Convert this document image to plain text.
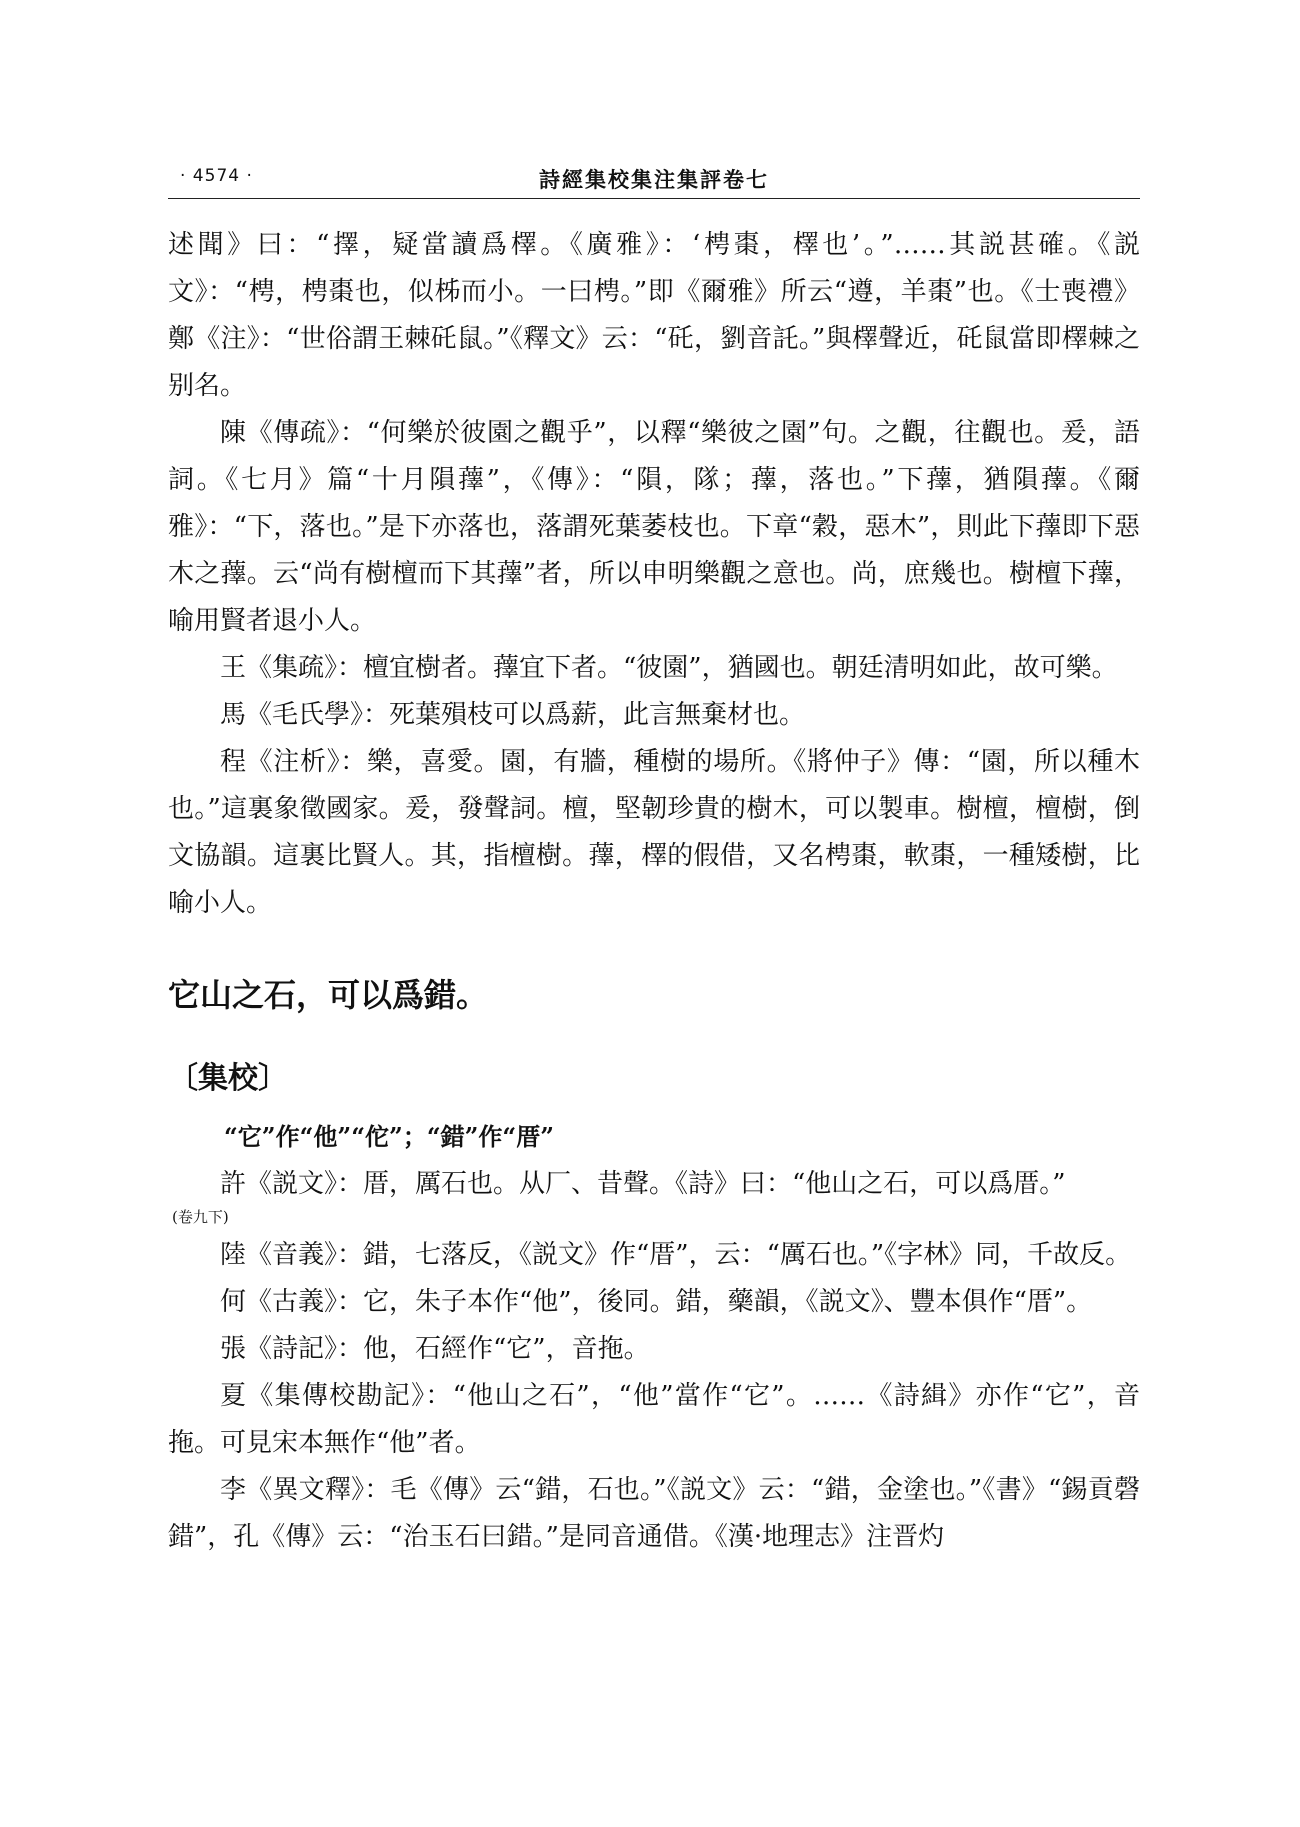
· 4574 ·	詩經集校集注集評卷七

述聞》曰：“擇，疑當讀爲檡。《廣雅》：‘梬棗，檡也’。”……其説甚確。《説文》：“梬，梬棗也，似柹而小。一曰梬。”即《爾雅》所云“遵，羊棗”也。《士喪禮》鄭《注》：“世俗謂王棘矺鼠。”《釋文》云：“矺，劉音託。”與檡聲近，矺鼠當即檡棘之别名。

陳《傳疏》：“何樂於彼園之觀乎”，以釋“樂彼之園”句。之觀，往觀也。爰，語詞。《七月》篇“十月隕蘀”，《傳》：“隕，隊；蘀，落也。”下蘀，猶隕蘀。《爾雅》：“下，落也。”是下亦落也，落謂死葉萎枝也。下章“穀，惡木”，則此下蘀即下惡木之蘀。云“尚有樹檀而下其蘀”者，所以申明樂觀之意也。尚，庶幾也。樹檀下蘀，喻用賢者退小人。

王《集疏》：檀宜樹者。蘀宜下者。“彼園”，猶國也。朝廷清明如此，故可樂。

馬《毛氏學》：死葉殞枝可以爲薪，此言無棄材也。

程《注析》：樂，喜愛。園，有牆，種樹的場所。《將仲子》傳：“園，所以種木也。”這裏象徵國家。爰，發聲詞。檀，堅韌珍貴的樹木，可以製車。樹檀，檀樹，倒文協韻。這裏比賢人。其，指檀樹。蘀，檡的假借，又名梬棗，軟棗，一種矮樹，比喻小人。

它山之石，可以爲錯。

〔集校〕

“它”作“他”“佗”；“錯”作“厝”

許《説文》：厝，厲石也。从厂、昔聲。《詩》曰：“他山之石，可以爲厝。”

(卷九下)

陸《音義》：錯，七落反，《説文》作“厝”，云：“厲石也。”《字林》同，千故反。

何《古義》：它，朱子本作“他”，後同。錯，藥韻，《説文》、豐本俱作“厝”。

張《詩記》：他，石經作“它”，音拖。

夏《集傳校勘記》：“他山之石”，“他”當作“它”。……《詩緝》亦作“它”，音拖。可見宋本無作“他”者。

李《異文釋》：毛《傳》云“錯，石也。”《説文》云：“錯，金塗也。”《書》“錫貢磬錯”，孔《傳》云：“治玉石曰錯。”是同音通借。《漢·地理志》注晋灼
